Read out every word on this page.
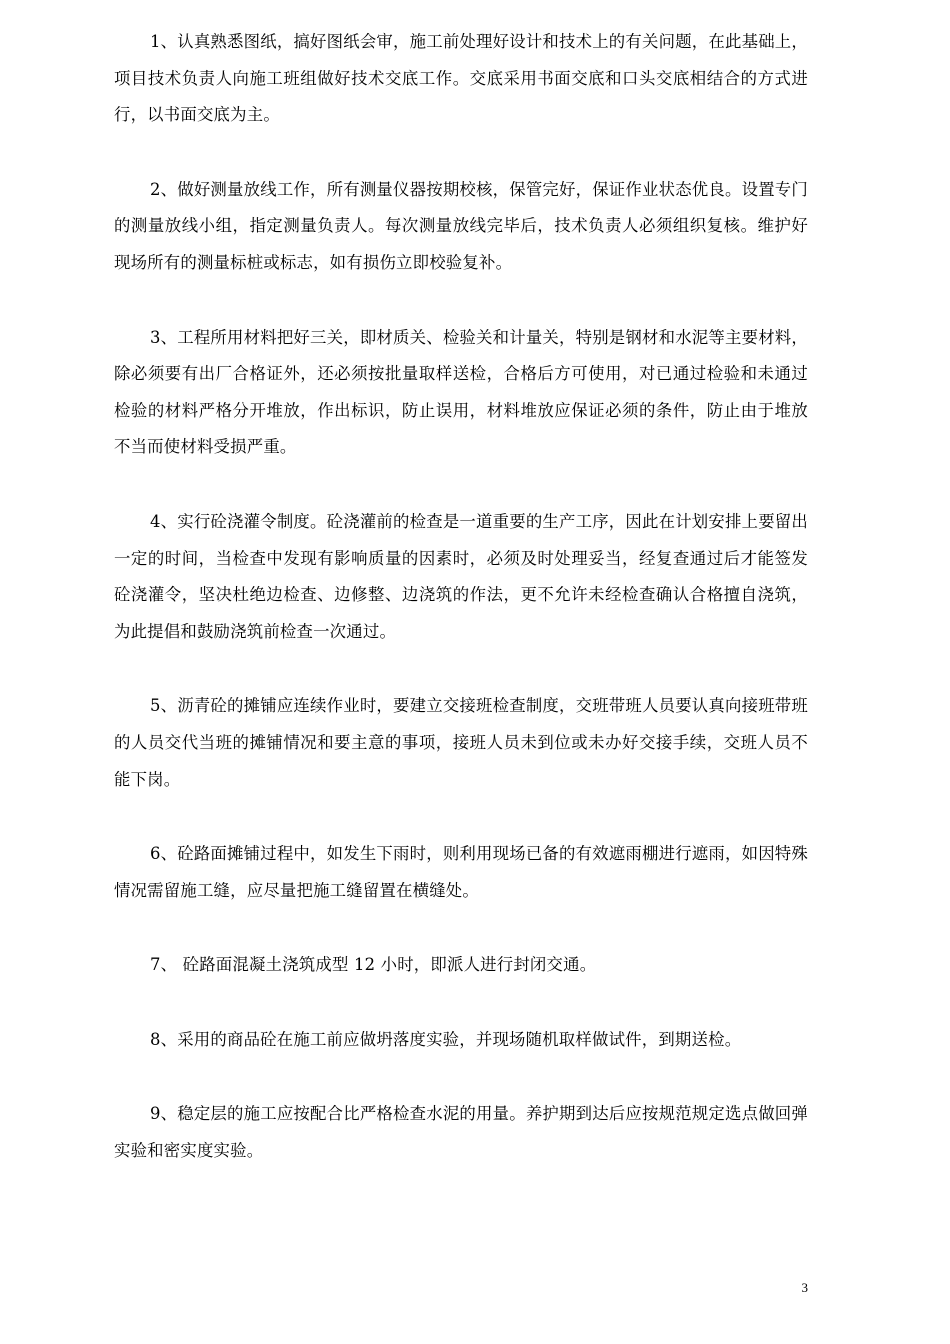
1、认真熟悉图纸，搞好图纸会审，施工前处理好设计和技术上的有关问题，在此基础上，项目技术负责人向施工班组做好技术交底工作。交底采用书面交底和口头交底相结合的方式进行，以书面交底为主。

2、做好测量放线工作，所有测量仪器按期校核，保管完好，保证作业状态优良。设置专门的测量放线小组，指定测量负责人。每次测量放线完毕后，技术负责人必须组织复核。维护好现场所有的测量标桩或标志，如有损伤立即校验复补。

3、工程所用材料把好三关，即材质关、检验关和计量关，特别是钢材和水泥等主要材料，除必须要有出厂合格证外，还必须按批量取样送检，合格后方可使用，对已通过检验和未通过检验的材料严格分开堆放，作出标识，防止误用，材料堆放应保证必须的条件，防止由于堆放不当而使材料受损严重。

4、实行砼浇灌令制度。砼浇灌前的检查是一道重要的生产工序，因此在计划安排上要留出一定的时间，当检查中发现有影响质量的因素时，必须及时处理妥当，经复查通过后才能签发砼浇灌令，坚决杜绝边检查、边修整、边浇筑的作法，更不允许未经检查确认合格擅自浇筑，为此提倡和鼓励浇筑前检查一次通过。

5、沥青砼的摊铺应连续作业时，要建立交接班检查制度，交班带班人员要认真向接班带班的人员交代当班的摊铺情况和要主意的事项，接班人员未到位或未办好交接手续，交班人员不能下岗。

6、砼路面摊铺过程中，如发生下雨时，则利用现场已备的有效遮雨棚进行遮雨，如因特殊情况需留施工缝，应尽量把施工缝留置在横缝处。

7、 砼路面混凝土浇筑成型 12 小时，即派人进行封闭交通。

8、采用的商品砼在施工前应做坍落度实验，并现场随机取样做试件，到期送检。

9、稳定层的施工应按配合比严格检查水泥的用量。养护期到达后应按规范规定选点做回弹实验和密实度实验。

3
